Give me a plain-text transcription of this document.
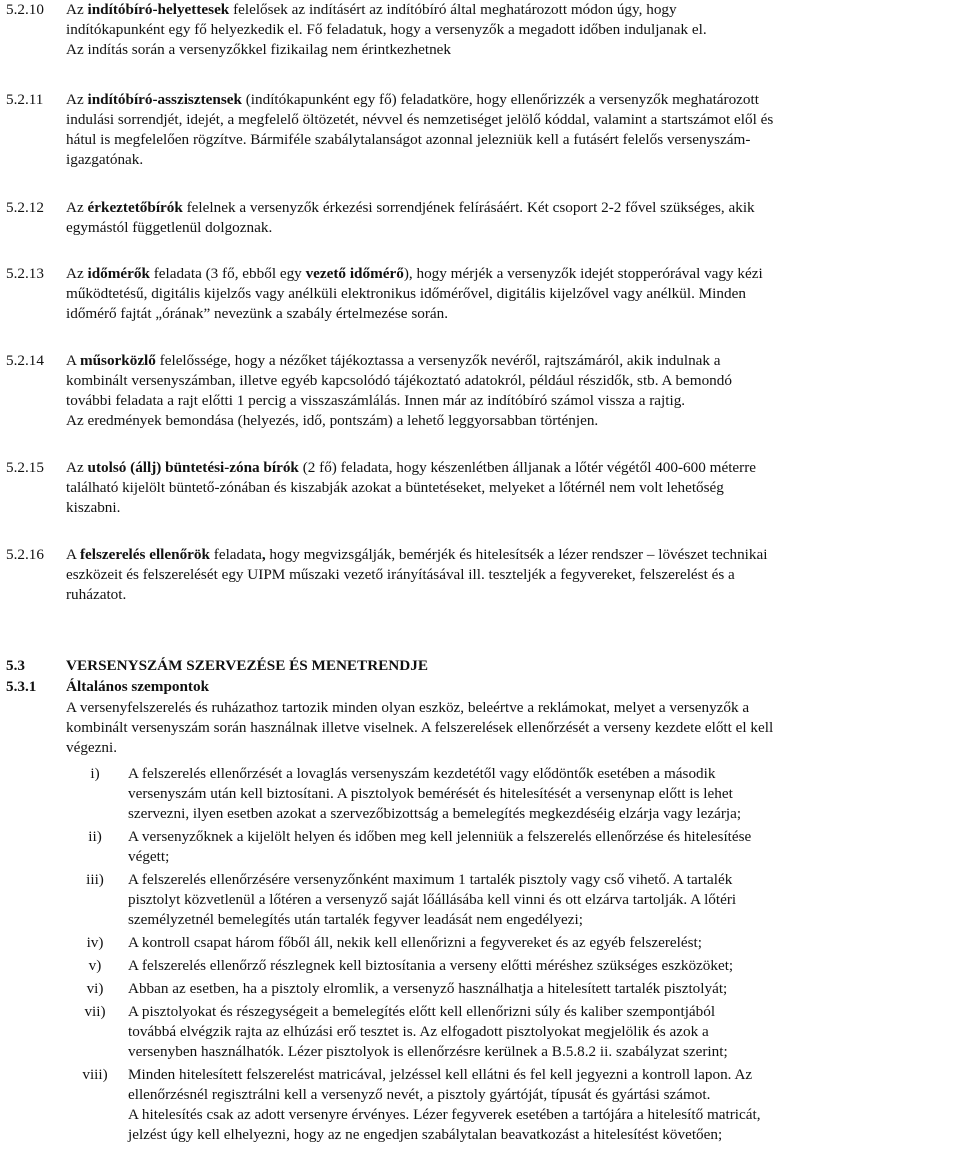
5.2.10 Az indítóbíró-helyettesek felelősek az indításért az indítóbíró által meghatározott módon úgy, hogy

indítókapunként egy fő helyezkedik el. Fő feladatuk, hogy a versenyzők a megadott időben induljanak el.

Az indítás során a versenyzőkkel fizikailag nem érintkezhetnek

5.2.11 Az indítóbíró-asszisztensek (indítókapunként egy fő) feladatköre, hogy ellenőrizzék a versenyzők meghatározott

indulási sorrendjét, idejét, a megfelelő öltözetét, névvel és nemzetiséget jelölő kóddal, valamint a startszámot elől és

hátul is megfelelően rögzítve. Bármiféle szabálytalanságot azonnal jelezniük kell a futásért felelős versenyszám-

igazgatónak.

5.2.12 Az érkeztetőbírók felelnek a versenyzők érkezési sorrendjének felírásáért. Két csoport 2-2 fővel szükséges, akik

egymástól függetlenül dolgoznak.

5.2.13 Az időmérők feladata (3 fő, ebből egy vezető időmérő), hogy mérjék a versenyzők idejét stopperórával vagy kézi

működtetésű, digitális kijelzős vagy anélküli elektronikus időmérővel, digitális kijelzővel vagy anélkül. Minden

időmérő fajtát „órának” nevezünk a szabály értelmezése során.

5.2.14 A műsorközlő felelőssége, hogy a nézőket tájékoztassa a versenyzők nevéről, rajtszámáról, akik indulnak a

kombinált versenyszámban, illetve egyéb kapcsolódó tájékoztató adatokról, például részidők, stb. A bemondó

további feladata a rajt előtti 1 percig a visszaszámlálás. Innen már az indítóbíró számol vissza a rajtig.

Az eredmények bemondása (helyezés, idő, pontszám) a lehető leggyorsabban történjen.

5.2.15 Az utolsó (állj) büntetési-zóna bírók (2 fő) feladata, hogy készenlétben álljanak a lőtér végétől 400-600 méterre

található kijelölt büntető-zónában és kiszabják azokat a büntetéseket, melyeket a lőtérnél nem volt lehetőség

kiszabni.

5.2.16 A felszerelés ellenőrök feladata, hogy megvizsgálják, bemérjék és hitelesítsék a lézer rendszer – lövészet technikai

eszközeit és felszerelését egy UIPM műszaki vezető irányításával ill. teszteljék a fegyvereket, felszerelést és a

ruházatot.

5.3	VERSENYSZÁM SZERVEZÉSE ÉS MENETRENDJE
5.3.1 Általános szempontok

A versenyfelszerelés és ruházathoz tartozik minden olyan eszköz, beleértve a reklámokat, melyet a versenyzők a

kombinált versenyszám során használnak illetve viselnek. A felszerelések ellenőrzését a verseny kezdete előtt el kell

végezni.

i)	A felszerelés ellenőrzését a lovaglás versenyszám kezdetétől vagy elődöntők esetében a második

versenyszám után kell biztosítani. A pisztolyok bemérését és hitelesítését a versenynap előtt is lehet

szervezni, ilyen esetben azokat a szervezőbizottság a bemelegítés megkezdéséig elzárja vagy lezárja;

ii)	A versenyzőknek a kijelölt helyen és időben meg kell jelenniük a felszerelés ellenőrzése és hitelesítése

végett;

iii)	A felszerelés ellenőrzésére versenyzőnként maximum 1 tartalék pisztoly vagy cső vihető. A tartalék

pisztolyt közvetlenül a lőtéren a versenyző saját lőállásába kell vinni és ott elzárva tartolják. A lőtéri

személyzetnél bemelegítés után tartalék fegyver leadását nem engedélyezi;

iv)	A kontroll csapat három főből áll, nekik kell ellenőrizni a fegyvereket és az egyéb felszerelést;

v)	A felszerelés ellenőrző részlegnek kell biztosítania a verseny előtti méréshez szükséges eszközöket;

vi)	Abban az esetben, ha a pisztoly elromlik, a versenyző használhatja a hitelesített tartalék pisztolyát;

vii)	A pisztolyokat és részegységeit a bemelegítés előtt kell ellenőrizni súly és kaliber szempontjából

továbbá elvégzik rajta az elhúzási erő tesztet is. Az elfogadott pisztolyokat megjelölik és azok a

versenyben használhatók. Lézer pisztolyok is ellenőrzésre kerülnek a B.5.8.2 ii. szabályzat szerint;

viii)	Minden hitelesített felszerelést matricával, jelzéssel kell ellátni és fel kell jegyezni a kontroll lapon. Az

ellenőrzésnél regisztrálni kell a versenyző nevét, a pisztoly gyártóját, típusát és gyártási számot.

A hitelesítés csak az adott versenyre érvényes. Lézer fegyverek esetében a tartójára a hitelesítő matricát,

jelzést úgy kell elhelyezni, hogy az ne engedjen szabálytalan beavatkozást a hitelesítést követően;
